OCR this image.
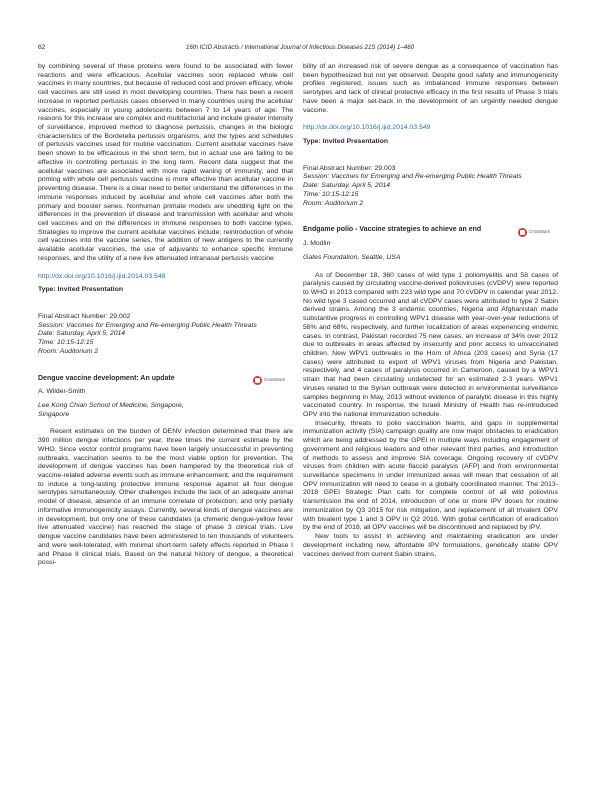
62	16th ICID Abstracts / International Journal of Infectious Diseases 21S (2014) 1–460

by combining several of these proteins were found to be associated with fewer reactions and were efficacious. Acellular vaccines soon replaced whole cell vaccines in many countries, but because of reduced cost and proven efficacy, whole cell vaccines are still used in most developing countries. There has been a recent increase in reported pertussis cases observed in many countries using the acellular vaccines, especially in young adolescents between 7 to 14 years of age. The reasons for this increase are complex and multifactorial and include greater intensity of surveillance, improved method to diagnose pertussis, changes in the biologic characteristics of the Bordetella pertussis organisms, and the types and schedules of pertussis vaccines used for routine vaccination. Current acellular vaccines have been shown to be efficacious in the short term, but in actual use are failing to be effective in controlling pertussis in the long term. Recent data suggest that the acellular vaccines are associated with more rapid waning of immunity, and that priming with whole cell pertussis vaccine is more effective than acellular vaccine in preventing disease. There is a clear need to better understand the differences in the immune responses induced by acellular and whole cell vaccines after both the primary and booster series. Nonhuman primate models are shedding light on the differences in the prevention of disease and transmission with acellular and whole cell vaccines and on the differences in immune responses to both vaccine types. Strategies to improve the current acellular vaccines include; reintroduction of whole cell vaccines into the vaccine series, the addition of new antigens to the currently available acellular vaccines, the use of adjuvants to enhance specific immune responses, and the utility of a new live attenuated intranasal pertussis vaccine

http://dx.doi.org/10.1016/j.ijid.2014.03.548
Type: Invited Presentation
Final Abstract Number: 29.002
Session: Vaccines for Emerging and Re-emerging Public Health Threats
Date: Saturday, April 5, 2014
Time: 10:15-12:15
Room: Auditorium 2
Dengue vaccine development: An update	CrossMark
A. Wilder-Smith
Lee Kong Chian School of Medicine, Singapore, Singapore

Recent estimates on the burden of DENV infection determined that there are 390 million dengue infections per year, three times the current estimate by the WHO. Since vector control programs have been largely unsuccessful in preventing outbreaks, vaccination seems to be the most viable option for prevention. The development of dengue vaccines has been hampered by the theoretical risk of vaccine-related adverse events such as immune enhancement, and the requirement to induce a long-lasting protective immune response against all four dengue serotypes simultaneously. Other challenges include the lack of an adequate animal model of disease, absence of an immune correlate of protection, and only partially informative immunogenicity assays. Currently, several kinds of dengue vaccines are in development, but only one of these candidates (a chimeric dengue-yellow fever live attenuated vaccine) has reached the stage of phase 3 clinical trials. Live dengue vaccine candidates have been administered to ten thousands of volunteers and were well-tolerated, with minimal short-term safety effects reported in Phase I and Phase II clinical trials. Based on the natural history of dengue, a theoretical possi-

bility of an increased risk of severe dengue as a consequence of vaccination has been hypothesized but not yet observed. Despite good safety and immunogenicity profiles registered, issues such as imbalanced immune responses between serotypes and lack of clinical protective efficacy in the first results of Phase 3 trials have been a major set-back in the development of an urgently needed dengue vaccine.

http://dx.doi.org/10.1016/j.ijid.2014.03.549
Type: Invited Presentation
Final Abstract Number: 29.003
Session: Vaccines for Emerging and Re-emerging Public Health Threats
Date: Saturday, April 5, 2014
Time: 10:15-12:15
Room: Auditorium 2
Endgame polio - Vaccine strategies to achieve an end	CrossMark
J. Modlin
Gates Foundation, Seattle, USA

As of December 18, 360 cases of wild type 1 poliomyelitis and 58 cases of paralysis caused by circulating vaccine-derived polioviruses (cVDPV) were reported to WHO in 2013 compared with 223 wild type and 70 cVDPV in calendar year 2012. No wild type 3 cased occurred and all cVDPV cases were attributed to type 2 Sabin derived strains. Among the 3 endemic countries, Nigeria and Afghanistan made substantive progress in controlling WPV1 disease with year-over-year reductions of 58% and 68%, respectively, and further localization of areas experiencing endemic cases. In contrast, Pakistan recorded 75 new cases, an increase of 34% over 2012 due to outbreaks in areas affected by insecurity and poor access to unvaccinated children. New WPV1 outbreaks in the Horn of Africa (203 cases) and Syria (17 cases) were attributed to export of WPV1 viruses from Nigeria and Pakistan, respectively, and 4 cases of paralysis occurred in Cameroon, caused by a WPV1 strain that had been circulating undetected for an estimated 2-3 years. WPV1 viruses related to the Syrian outbreak were detected in environmental surveillance samples beginning in May, 2013 without evidence of paralytic disease in this highly vaccinated country. In response, the Israeli Ministry of Health has re-introduced OPV into the national immunization schedule.

Insecurity, threats to polio vaccination teams, and gaps in supplemental immunization activity (SIA) campaign quality are now major obstacles to eradication which are being addressed by the GPEI in multiple ways including engagement of government and religious leaders and other relevant third parties, and introduction of methods to assess and improve SIA coverage. Ongoing recovery of cVDPV viruses from children with acute flaccid paralysis (AFP) and from environmental surveillance specimens in under immunized areas will mean that cessation of all OPV immunization will need to cease in a globally coordinated manner. The 2013-2018 GPEI Strategic Plan calls for complete control of all wild poliovirus transmission the end of 2014, introduction of one or more IPV doses for routine immunization by Q3 2015 for risk mitigation, and replacement of all trivalent OPV with bivalent type 1 and 3 OPV in Q2 2016. With global certification of eradication by the end of 2018, all OPV vaccines will be discontinued and replaced by IPV.

New tools to assist in achieving and maintaining eradication are under development including new, affordable IPV formulations, genetically stable OPV vaccines derived from current Sabin strains,
